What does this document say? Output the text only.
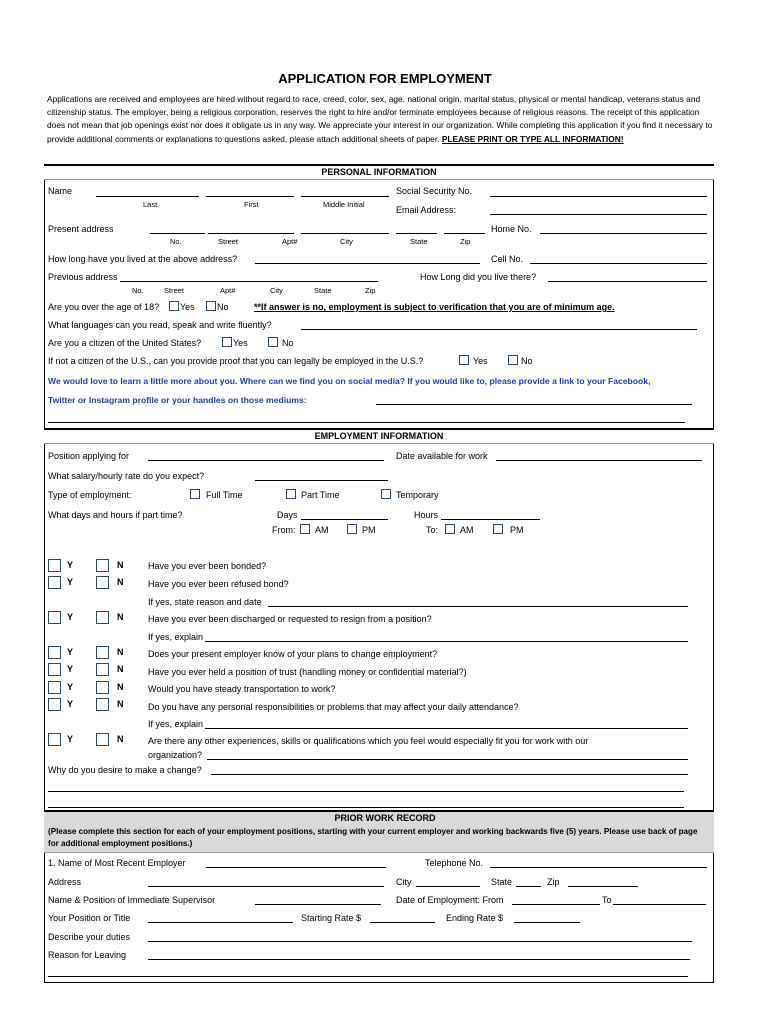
APPLICATION FOR EMPLOYMENT
Applications are received and employees are hired without regard to race, creed, color, sex, age, national origin, marital status, physical or mental handicap, veterans status and citizenship status. The employer, being a religious corporation, reserves the right to hire and/or terminate employees because of religious reasons. The receipt of this application does not mean that job openings exist nor does it obligate us in any way. We appreciate your interest in our organization. While completing this application if you find it necessary to provide additional comments or explanations to questions asked, please attach additional sheets of paper. PLEASE PRINT OR TYPE ALL INFORMATION!
PERSONAL INFORMATION
Name
Last	First	Middle Initial
Social Security No.
Email Address:
Present address	Home No.
No.	Street	Apt#	City	State	Zip
How long have you lived at the above address?	Cell No.
Previous address	How Long did you live there?
No.	Street	Apt#	City	State	Zip
Are you over the age of 18? Yes No	**If answer is no, employment is subject to verification that you are of minimum age.
What languages can you read, speak and write fluently?
Are you a citizen of the United States?	Yes	No
If not a citizen of the U.S., can you provide proof that you can legally be employed in the U.S.?	Yes	No
We would love to learn a little more about you. Where can we find you on social media? If you would like to, please provide a link to your Facebook,
Twitter or Instagram profile or your handles on those mediums:
EMPLOYMENT INFORMATION
Position applying for	Date available for work
What salary/hourly rate do you expect?
Type of employment:	Full Time	Part Time	Temporary
What days and hours if part time?	Days	Hours
From: AM	PM	To: AM	PM
Y	N	Have you ever been bonded?
Y	N	Have you ever been refused bond?
If yes, state reason and date
Y	N	Have you ever been discharged or requested to resign from a position?
If yes, explain
Y	N	Does your present employer know of your plans to change employment?
Y	N	Have you ever held a position of trust (handling money or confidential material?)
Y	N	Would you have steady transportation to work?
Y	N	Do you have any personal responsibilities or problems that may affect your daily attendance?
If yes, explain
Y	N	Are there any other experiences, skills or qualifications which you feel would especially fit you for work with our
organization?
Why do you desire to make a change?
PRIOR WORK RECORD
(Please complete this section for each of your employment positions, starting with your current employer and working backwards five (5) years. Please use back of page for additional employment positions.)
1. Name of Most Recent Employer	Telephone No.
Address	City	State	Zip
Name & Position of Immediate Supervisor	Date of Employment: From	To
Your Position or Title	Starting Rate $	Ending Rate $
Describe your duties
Reason for Leaving
